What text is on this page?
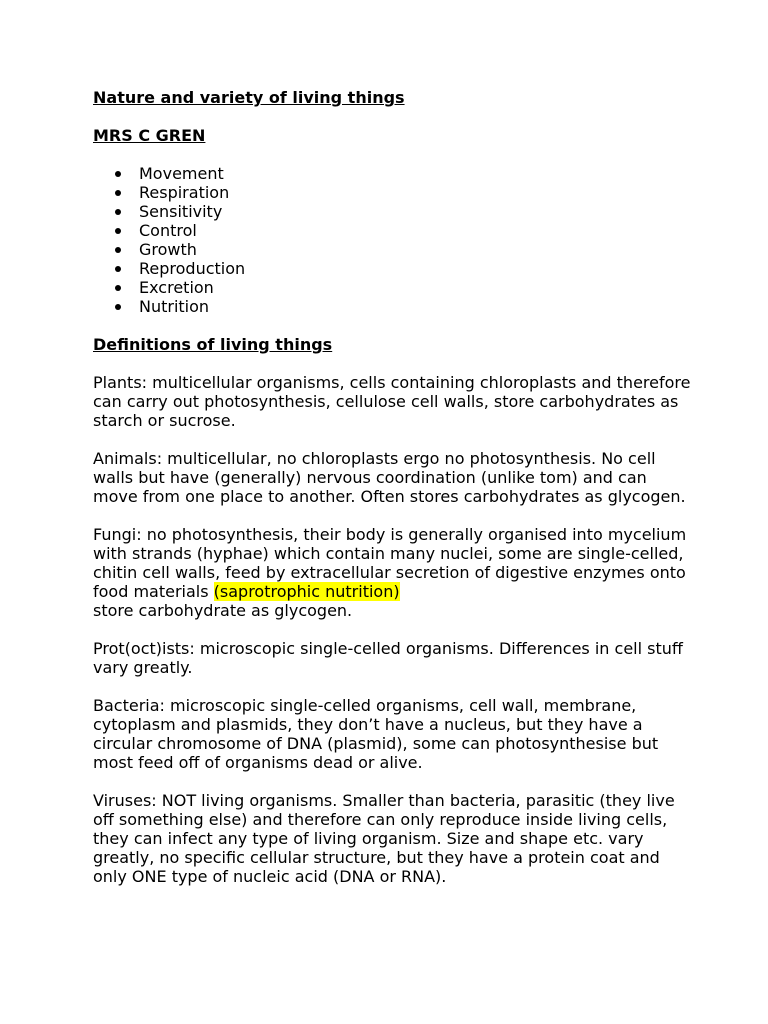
Nature and variety of living things

MRS C GREN

Movement
Respiration
Sensitivity
Control
Growth
Reproduction
Excretion
Nutrition

Definitions of living things

Plants: multicellular organisms, cells containing chloroplasts and therefore can carry out photosynthesis, cellulose cell walls, store carbohydrates as starch or sucrose.

Animals: multicellular, no chloroplasts ergo no photosynthesis. No cell walls but have (generally) nervous coordination (unlike tom) and can move from one place to another. Often stores carbohydrates as glycogen.

Fungi: no photosynthesis, their body is generally organised into mycelium with strands (hyphae) which contain many nuclei, some are single-celled, chitin cell walls, feed by extracellular secretion of digestive enzymes onto food materials (saprotrophic nutrition)
store carbohydrate as glycogen.

Prot(oct)ists: microscopic single-celled organisms. Differences in cell stuff vary greatly.

Bacteria: microscopic single-celled organisms, cell wall, membrane, cytoplasm and plasmids, they don’t have a nucleus, but they have a circular chromosome of DNA (plasmid), some can photosynthesise but most feed off of organisms dead or alive.

Viruses: NOT living organisms. Smaller than bacteria, parasitic (they live off something else) and therefore can only reproduce inside living cells, they can infect any type of living organism. Size and shape etc. vary greatly, no specific cellular structure, but they have a protein coat and only ONE type of nucleic acid (DNA or RNA).
